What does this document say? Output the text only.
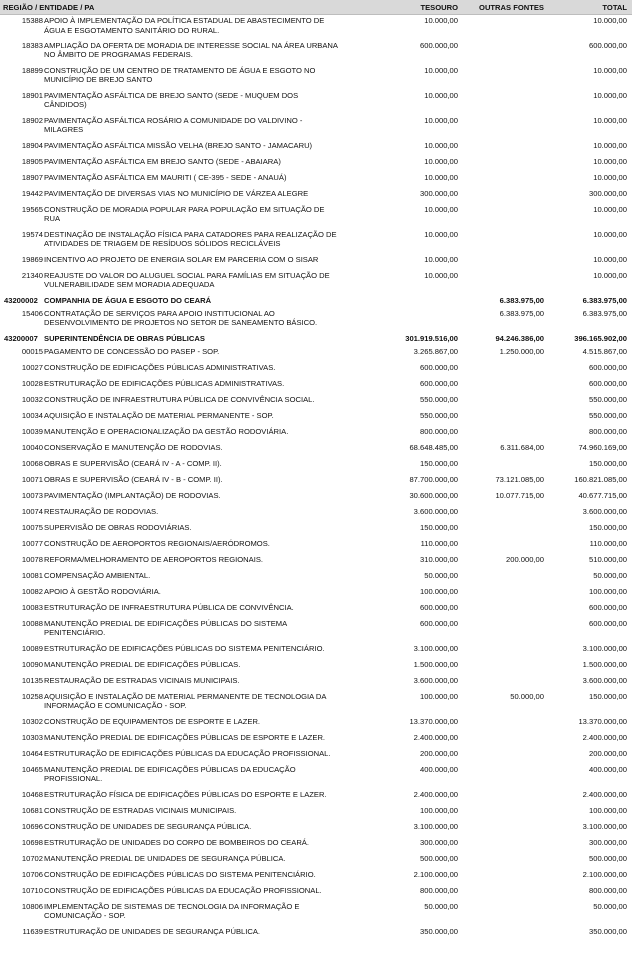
REGIÃO / ENTIDADE / PA		TESOURO	OUTRAS FONTES	TOTAL
15388	APOIO À IMPLEMENTAÇÃO DA POLÍTICA ESTADUAL DE ABASTECIMENTO DE ÁGUA E ESGOTAMENTO SANITÁRIO DO RURAL.	10.000,00		10.000,00
18383	AMPLIAÇÃO DA OFERTA DE MORADIA DE INTERESSE SOCIAL NA ÁREA URBANA NO ÂMBITO DE PROGRAMAS FEDERAIS.	600.000,00		600.000,00
18899	CONSTRUÇÃO DE UM CENTRO DE TRATAMENTO DE ÁGUA E ESGOTO NO MUNICÍPIO DE BREJO SANTO	10.000,00		10.000,00
18901	PAVIMENTAÇÃO ASFÁLTICA DE BREJO SANTO (SEDE - MUQUEM DOS CÂNDIDOS)	10.000,00		10.000,00
18902	PAVIMENTAÇÃO ASFÁLTICA ROSÁRIO A COMUNIDADE DO VALDIVINO - MILAGRES	10.000,00		10.000,00
18904	PAVIMENTAÇÃO ASFÁLTICA MISSÃO VELHA (BREJO SANTO - JAMACARU)	10.000,00		10.000,00
18905	PAVIMENTAÇÃO ASFÁLTICA EM BREJO SANTO (SEDE - ABAIARA)	10.000,00		10.000,00
18907	PAVIMENTAÇÃO ASFÁLTICA EM MAURITI ( CE-395 - SEDE - ANAUÁ)	10.000,00		10.000,00
19442	PAVIMENTAÇÃO DE DIVERSAS VIAS NO MUNICÍPIO DE VÁRZEA ALEGRE	300.000,00		300.000,00
19565	CONSTRUÇÃO DE MORADIA POPULAR PARA POPULAÇÃO EM SITUAÇÃO DE RUA	10.000,00		10.000,00
19574	DESTINAÇÃO DE INSTALAÇÃO FÍSICA PARA CATADORES PARA REALIZAÇÃO DE ATIVIDADES DE TRIAGEM DE RESÍDUOS SÓLIDOS RECICLÁVEIS	10.000,00		10.000,00
19869	INCENTIVO AO PROJETO DE ENERGIA SOLAR EM PARCERIA COM O SISAR	10.000,00		10.000,00
21340	REAJUSTE DO VALOR DO ALUGUEL SOCIAL PARA FAMÍLIAS EM SITUAÇÃO DE VULNERABILIDADE SEM MORADIA ADEQUADA	10.000,00		10.000,00
43200002	COMPANHIA DE ÁGUA E ESGOTO DO CEARÁ		6.383.975,00	6.383.975,00
15406	CONTRATAÇÃO DE SERVIÇOS PARA APOIO INSTITUCIONAL AO DESENVOLVIMENTO DE PROJETOS NO SETOR DE SANEAMENTO BÁSICO.		6.383.975,00	6.383.975,00
43200007	SUPERINTENDÊNCIA DE OBRAS PÚBLICAS	301.919.516,00	94.246.386,00	396.165.902,00
00015	PAGAMENTO DE CONCESSÃO DO PASEP - SOP.	3.265.867,00	1.250.000,00	4.515.867,00
10027	CONSTRUÇÃO DE EDIFICAÇÕES PÚBLICAS ADMINISTRATIVAS.	600.000,00		600.000,00
10028	ESTRUTURAÇÃO DE EDIFICAÇÕES PÚBLICAS ADMINISTRATIVAS.	600.000,00		600.000,00
10032	CONSTRUÇÃO DE INFRAESTRUTURA PÚBLICA DE CONVIVÊNCIA SOCIAL.	550.000,00		550.000,00
10034	AQUISIÇÃO E INSTALAÇÃO DE MATERIAL PERMANENTE - SOP.	550.000,00		550.000,00
10039	MANUTENÇÃO E OPERACIONALIZAÇÃO DA GESTÃO RODOVIÁRIA.	800.000,00		800.000,00
10040	CONSERVAÇÃO E MANUTENÇÃO DE RODOVIAS.	68.648.485,00	6.311.684,00	74.960.169,00
10068	OBRAS E SUPERVISÃO (CEARÁ IV - A - COMP. II).	150.000,00		150.000,00
10071	OBRAS E SUPERVISÃO (CEARÁ IV - B - COMP. II).	87.700.000,00	73.121.085,00	160.821.085,00
10073	PAVIMENTAÇÃO (IMPLANTAÇÃO) DE RODOVIAS.	30.600.000,00	10.077.715,00	40.677.715,00
10074	RESTAURAÇÃO DE RODOVIAS.	3.600.000,00		3.600.000,00
10075	SUPERVISÃO DE OBRAS RODOVIÁRIAS.	150.000,00		150.000,00
10077	CONSTRUÇÃO DE AEROPORTOS REGIONAIS/AERÓDROMOS.	110.000,00		110.000,00
10078	REFORMA/MELHORAMENTO DE AEROPORTOS REGIONAIS.	310.000,00	200.000,00	510.000,00
10081	COMPENSAÇÃO AMBIENTAL.	50.000,00		50.000,00
10082	APOIO À GESTÃO RODOVIÁRIA.	100.000,00		100.000,00
10083	ESTRUTURAÇÃO DE INFRAESTRUTURA PÚBLICA DE CONVIVÊNCIA.	600.000,00		600.000,00
10088	MANUTENÇÃO PREDIAL DE EDIFICAÇÕES PÚBLICAS DO SISTEMA PENITENCIÁRIO.	600.000,00		600.000,00
10089	ESTRUTURAÇÃO DE EDIFICAÇÕES PÚBLICAS DO SISTEMA PENITENCIÁRIO.	3.100.000,00		3.100.000,00
10090	MANUTENÇÃO PREDIAL DE EDIFICAÇÕES PÚBLICAS.	1.500.000,00		1.500.000,00
10135	RESTAURAÇÃO DE ESTRADAS VICINAIS MUNICIPAIS.	3.600.000,00		3.600.000,00
10258	AQUISIÇÃO E INSTALAÇÃO DE MATERIAL PERMANENTE DE TECNOLOGIA DA INFORMAÇÃO E COMUNICAÇÃO - SOP.	100.000,00	50.000,00	150.000,00
10302	CONSTRUÇÃO DE EQUIPAMENTOS DE ESPORTE E LAZER.	13.370.000,00		13.370.000,00
10303	MANUTENÇÃO PREDIAL DE EDIFICAÇÕES PÚBLICAS DE ESPORTE E LAZER.	2.400.000,00		2.400.000,00
10464	ESTRUTURAÇÃO DE EDIFICAÇÕES PÚBLICAS DA EDUCAÇÃO PROFISSIONAL.	200.000,00		200.000,00
10465	MANUTENÇÃO PREDIAL DE EDIFICAÇÕES PÚBLICAS DA EDUCAÇÃO PROFISSIONAL.	400.000,00		400.000,00
10468	ESTRUTURAÇÃO FÍSICA DE EDIFICAÇÕES PÚBLICAS DO ESPORTE E LAZER.	2.400.000,00		2.400.000,00
10681	CONSTRUÇÃO DE ESTRADAS VICINAIS MUNICIPAIS.	100.000,00		100.000,00
10696	CONSTRUÇÃO DE UNIDADES DE SEGURANÇA PÚBLICA.	3.100.000,00		3.100.000,00
10698	ESTRUTURAÇÃO DE UNIDADES DO CORPO DE BOMBEIROS DO CEARÁ.	300.000,00		300.000,00
10702	MANUTENÇÃO PREDIAL DE UNIDADES DE SEGURANÇA PÚBLICA.	500.000,00		500.000,00
10706	CONSTRUÇÃO DE EDIFICAÇÕES PÚBLICAS DO SISTEMA PENITENCIÁRIO.	2.100.000,00		2.100.000,00
10710	CONSTRUÇÃO DE EDIFICAÇÕES PÚBLICAS DA EDUCAÇÃO PROFISSIONAL.	800.000,00		800.000,00
10806	IMPLEMENTAÇÃO DE SISTEMAS DE TECNOLOGIA DA INFORMAÇÃO E COMUNICAÇÃO - SOP.	50.000,00		50.000,00
11639	ESTRUTURAÇÃO DE UNIDADES DE SEGURANÇA PÚBLICA.	350.000,00		350.000,00
